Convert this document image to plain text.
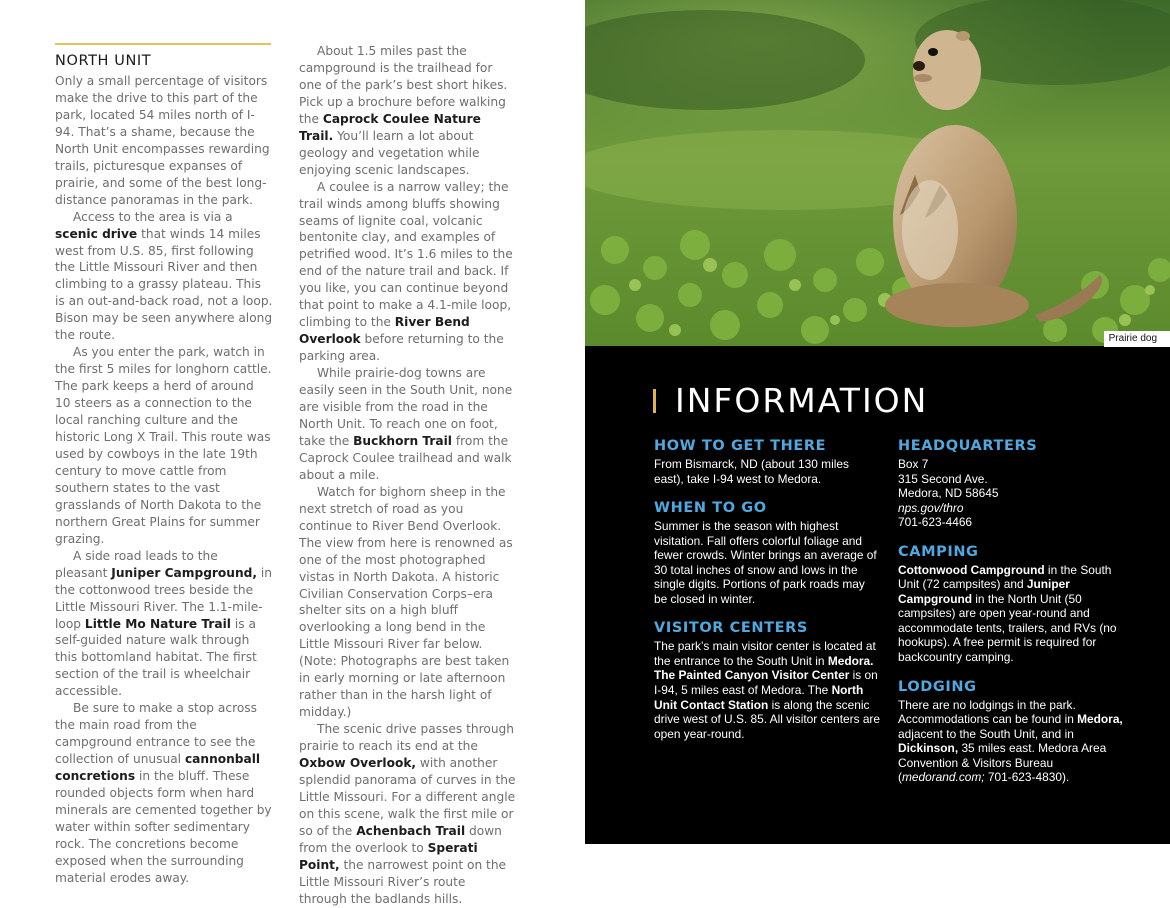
NORTH UNIT

Only a small percentage of visitors make the drive to this part of the park, located 54 miles north of I-94. That’s a shame, because the North Unit encompasses rewarding trails, picturesque expanses of prairie, and some of the best long-distance panoramas in the park.

Access to the area is via a scenic drive that winds 14 miles west from U.S. 85, first following the Little Missouri River and then climbing to a grassy plateau. This is an out-and-back road, not a loop. Bison may be seen anywhere along the route.

As you enter the park, watch in the first 5 miles for longhorn cattle. The park keeps a herd of around 10 steers as a connection to the local ranching culture and the historic Long X Trail. This route was used by cowboys in the late 19th century to move cattle from southern states to the vast grasslands of North Dakota to the northern Great Plains for summer grazing.

A side road leads to the pleasant Juniper Campground, in the cottonwood trees beside the Little Missouri River. The 1.1-mile-loop Little Mo Nature Trail is a self-guided nature walk through this bottomland habitat. The first section of the trail is wheelchair accessible.

Be sure to make a stop across the main road from the campground entrance to see the collection of unusual cannonball concretions in the bluff. These rounded objects form when hard minerals are cemented together by water within softer sedimentary rock. The concretions become exposed when the surrounding material erodes away.

About 1.5 miles past the campground is the trailhead for one of the park’s best short hikes. Pick up a brochure before walking the Caprock Coulee Nature Trail. You’ll learn a lot about geology and vegetation while enjoying scenic landscapes.

A coulee is a narrow valley; the trail winds among bluffs showing seams of lignite coal, volcanic bentonite clay, and examples of petrified wood. It’s 1.6 miles to the end of the nature trail and back. If you like, you can continue beyond that point to make a 4.1-mile loop, climbing to the River Bend Overlook before returning to the parking area.

While prairie-dog towns are easily seen in the South Unit, none are visible from the road in the North Unit. To reach one on foot, take the Buckhorn Trail from the Caprock Coulee trailhead and walk about a mile.

Watch for bighorn sheep in the next stretch of road as you continue to River Bend Overlook. The view from here is renowned as one of the most photographed vistas in North Dakota. A historic Civilian Conservation Corps–era shelter sits on a high bluff overlooking a long bend in the Little Missouri River far below. (Note: Photographs are best taken in early morning or late afternoon rather than in the harsh light of midday.)

The scenic drive passes through prairie to reach its end at the Oxbow Overlook, with another splendid panorama of curves in the Little Missouri. For a different angle on this scene, walk the first mile or so of the Achenbach Trail down from the overlook to Sperati Point, the narrowest point on the Little Missouri River’s route through the badlands hills.

Prairie dog
INFORMATION
HOW TO GET THERE

From Bismarck, ND (about 130 miles east), take I-94 west to Medora.

WHEN TO GO

Summer is the season with highest visitation. Fall offers colorful foliage and fewer crowds. Winter brings an average of 30 total inches of snow and lows in the single digits. Portions of park roads may be closed in winter.

VISITOR CENTERS

The park’s main visitor center is located at the entrance to the South Unit in Medora. The Painted Canyon Visitor Center is on I-94, 5 miles east of Medora. The North Unit Contact Station is along the scenic drive west of U.S. 85. All visitor centers are open year-round.

HEADQUARTERS

Box 7

315 Second Ave.

Medora, ND 58645

nps.gov/thro

701-623-4466

CAMPING

Cottonwood Campground in the South Unit (72 campsites) and Juniper Campground in the North Unit (50 campsites) are open year-round and accommodate tents, trailers, and RVs (no hookups). A free permit is required for backcountry camping.

LODGING

There are no lodgings in the park. Accommodations can be found in Medora, adjacent to the South Unit, and in Dickinson, 35 miles east. Medora Area Convention & Visitors Bureau (medorand.com; 701-623-4830).
